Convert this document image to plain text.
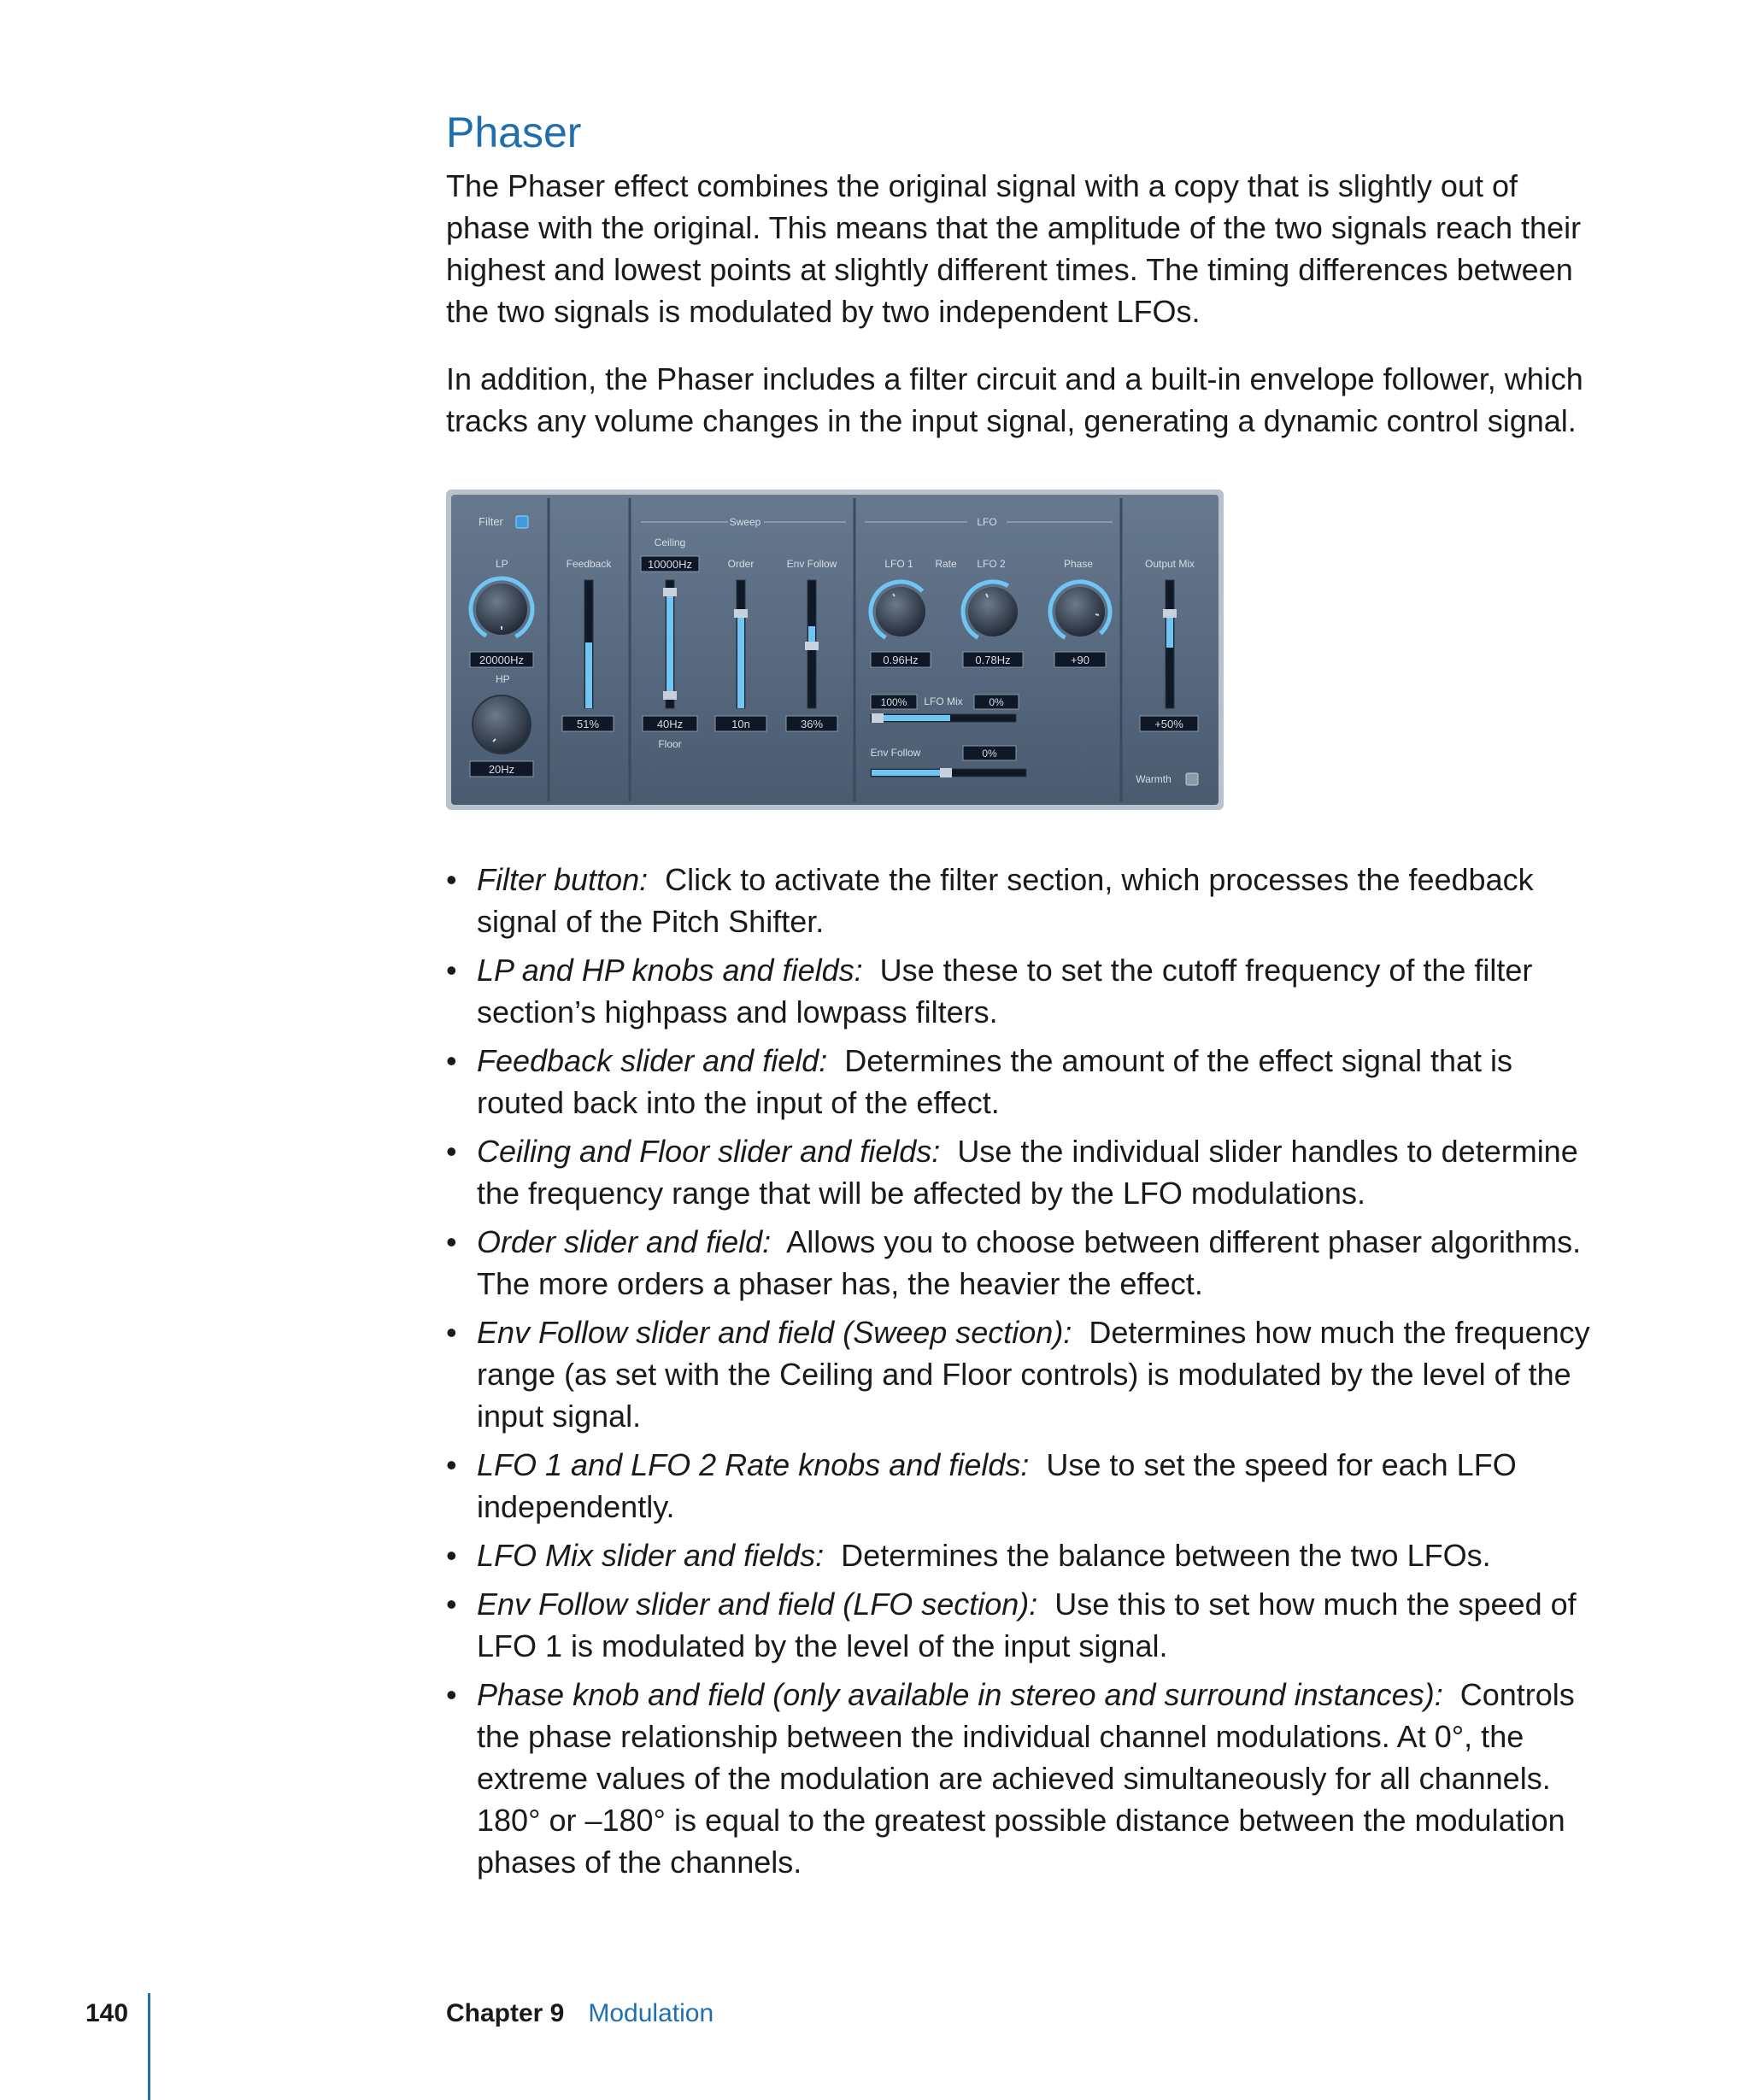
Phaser

The Phaser effect combines the original signal with a copy that is slightly out of phase with the original. This means that the amplitude of the two signals reach their highest and lowest points at slightly different times. The timing differences between the two signals is modulated by two independent LFOs.

In addition, the Phaser includes a filter circuit and a built-in envelope follower, which tracks any volume changes in the input signal, generating a dynamic control signal.

Filter
LP
20000Hz
HP
20Hz
Feedback
51%
Sweep
Ceiling
10000Hz
40Hz
Floor
Order
10n
Env Follow
36%
LFO
LFO 1 Rate LFO 2	Phase
0.96Hz	0.78Hz	+90
100% LFO Mix	0%
Env Follow	0%
Output Mix
+50%
Warmth
• Filter button: Click to activate the filter section, which processes the feedback signal of the Pitch Shifter.
• LP and HP knobs and fields: Use these to set the cutoff frequency of the filter section’s highpass and lowpass filters.
• Feedback slider and field: Determines the amount of the effect signal that is routed back into the input of the effect.
• Ceiling and Floor slider and fields: Use the individual slider handles to determine the frequency range that will be affected by the LFO modulations.
• Order slider and field: Allows you to choose between different phaser algorithms. The more orders a phaser has, the heavier the effect.
• Env Follow slider and field (Sweep section): Determines how much the frequency range (as set with the Ceiling and Floor controls) is modulated by the level of the input signal.
• LFO 1 and LFO 2 Rate knobs and fields: Use to set the speed for each LFO independently.
• LFO Mix slider and fields: Determines the balance between the two LFOs.
• Env Follow slider and field (LFO section): Use this to set how much the speed of LFO 1 is modulated by the level of the input signal.
• Phase knob and field (only available in stereo and surround instances): Controls the phase relationship between the individual channel modulations. At 0°, the extreme values of the modulation are achieved simultaneously for all channels. 180° or –180° is equal to the greatest possible distance between the modulation phases of the channels.
140	Chapter 9 Modulation
